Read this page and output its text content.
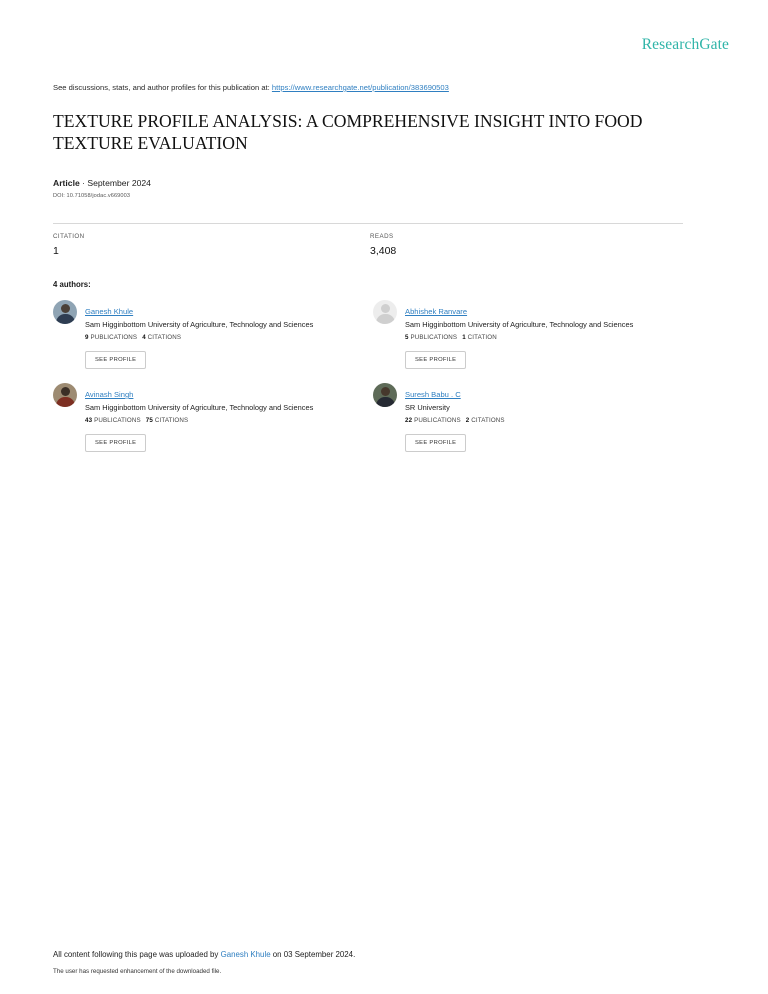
ResearchGate

See discussions, stats, and author profiles for this publication at: https://www.researchgate.net/publication/383690503

TEXTURE PROFILE ANALYSIS: A COMPREHENSIVE INSIGHT INTO FOOD TEXTURE EVALUATION

Article · September 2024

DOI: 10.71058/jodac.v669003

CITATION

1

READS

3,408

4 authors:

Ganesh Khule

Sam Higginbottom University of Agriculture, Technology and Sciences

9 PUBLICATIONS 4 CITATIONS

SEE PROFILE
Abhishek Ranvare

Sam Higginbottom University of Agriculture, Technology and Sciences

5 PUBLICATIONS 1 CITATION

SEE PROFILE
Avinash Singh

Sam Higginbottom University of Agriculture, Technology and Sciences

43 PUBLICATIONS 75 CITATIONS

SEE PROFILE
Suresh Babu . C

SR University

22 PUBLICATIONS 2 CITATIONS

SEE PROFILE

All content following this page was uploaded by Ganesh Khule on 03 September 2024.

The user has requested enhancement of the downloaded file.
